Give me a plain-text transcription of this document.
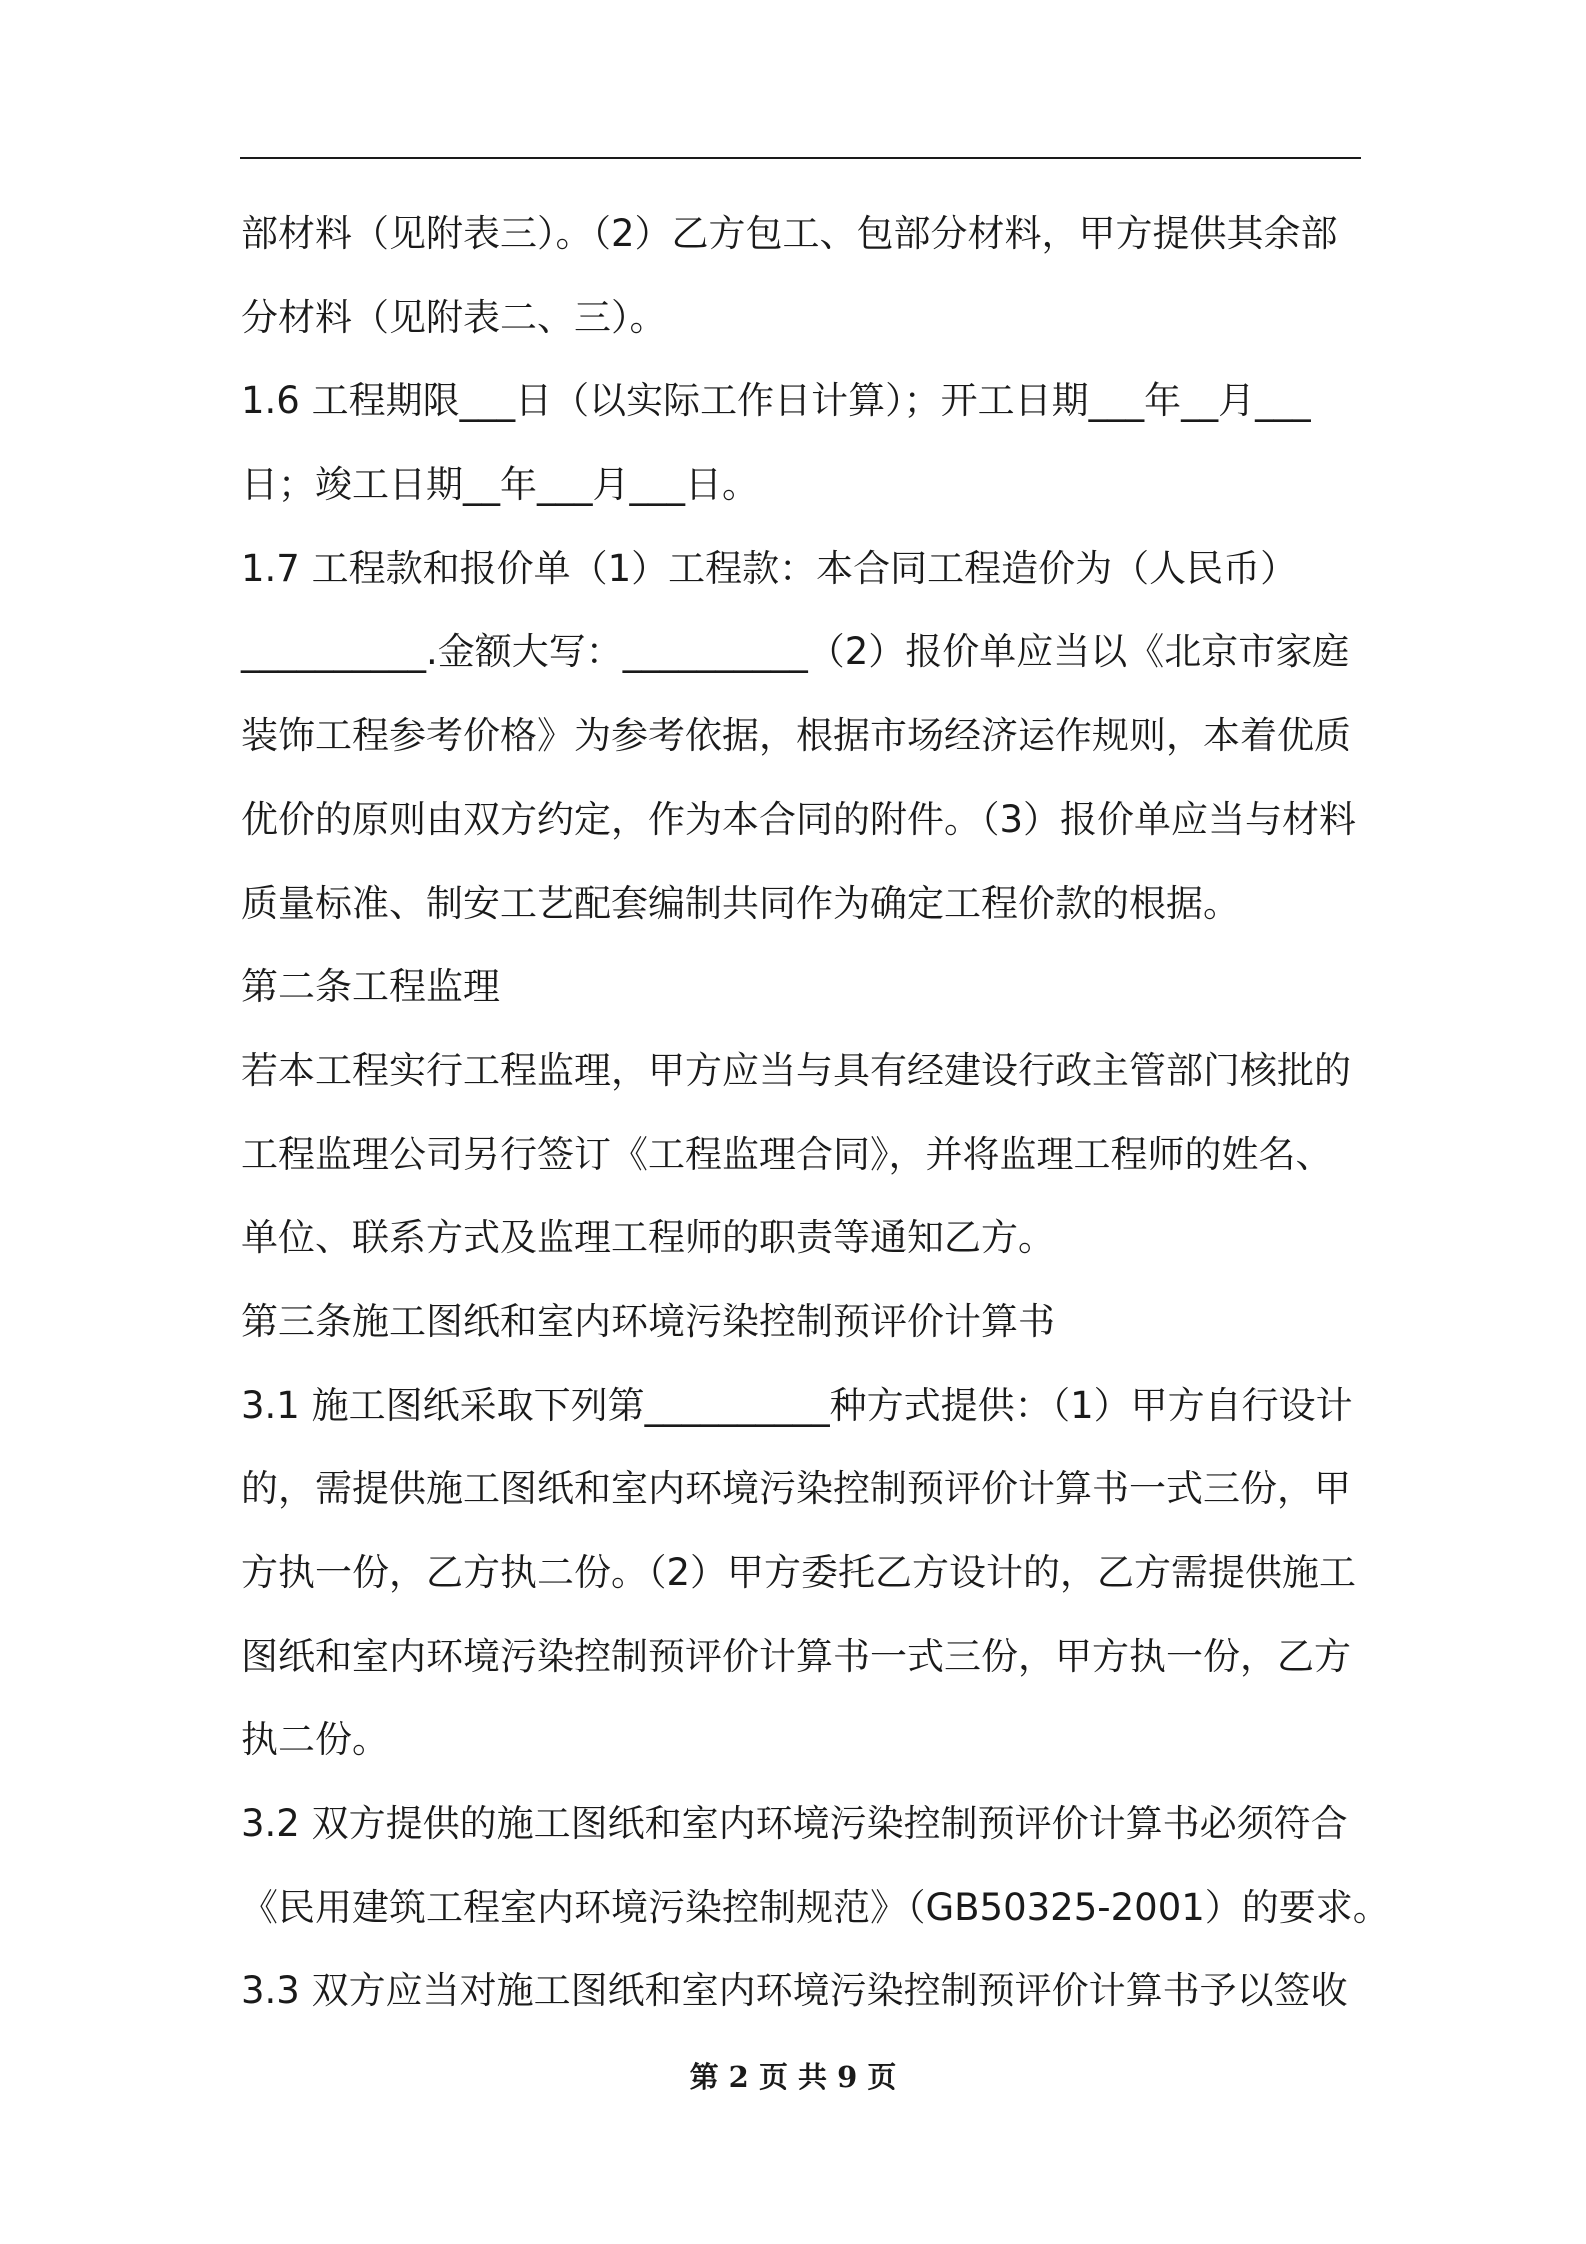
部材料（见附表三）。（2）乙方包工、包部分材料，甲方提供其余部
分材料（见附表二、三）。
1.6 工程期限___日（以实际工作日计算）；开工日期___年__月___
日；竣工日期__年___月___日。
1.7 工程款和报价单（1）工程款：本合同工程造价为（人民币）
__________.金额大写：__________（2）报价单应当以《北京市家庭
装饰工程参考价格》为参考依据，根据市场经济运作规则，本着优质
优价的原则由双方约定，作为本合同的附件。（3）报价单应当与材料
质量标准、制安工艺配套编制共同作为确定工程价款的根据。
第二条工程监理
若本工程实行工程监理，甲方应当与具有经建设行政主管部门核批的
工程监理公司另行签订《工程监理合同》，并将监理工程师的姓名、
单位、联系方式及监理工程师的职责等通知乙方。
第三条施工图纸和室内环境污染控制预评价计算书
3.1 施工图纸采取下列第__________种方式提供：（1）甲方自行设计
的，需提供施工图纸和室内环境污染控制预评价计算书一式三份，甲
方执一份，乙方执二份。（2）甲方委托乙方设计的，乙方需提供施工
图纸和室内环境污染控制预评价计算书一式三份，甲方执一份，乙方
执二份。
3.2 双方提供的施工图纸和室内环境污染控制预评价计算书必须符合
《民用建筑工程室内环境污染控制规范》（GB50325-2001）的要求。
3.3 双方应当对施工图纸和室内环境污染控制预评价计算书予以签收
第 2 页 共 9 页
